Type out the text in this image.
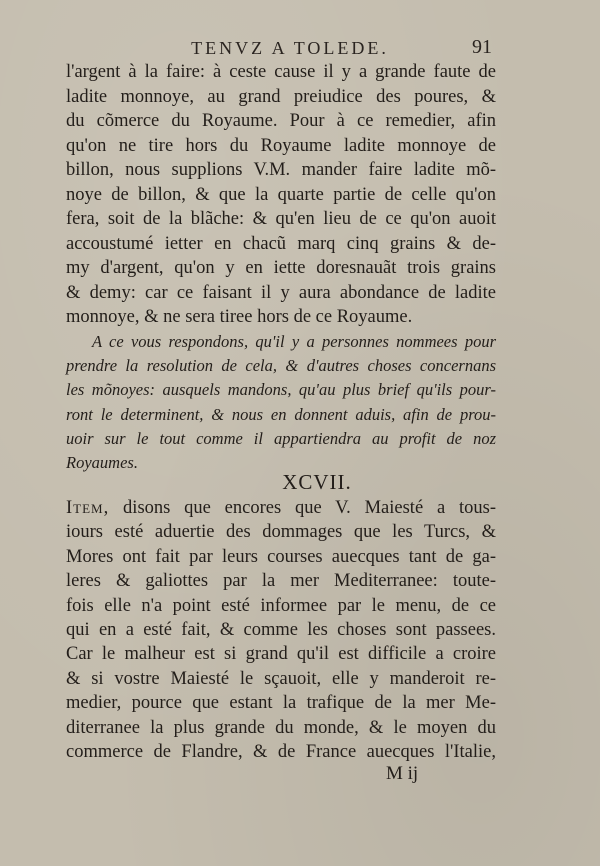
TENVZ A TOLEDE.	91
l'argent à la faire: à ceste cause il y a grande faute de
ladite monnoye, au grand preiudice des poures, &
du cõmerce du Royaume. Pour à ce remedier, afin
qu'on ne tire hors du Royaume ladite monnoye de
billon, nous supplions V.M. mander faire ladite mõ-
noye de billon, & que la quarte partie de celle qu'on
fera, soit de la blãche: & qu'en lieu de ce qu'on auoit
accoustumé ietter en chacũ marq cinq grains & de-
my d'argent, qu'on y en iette doresnauãt trois grains
& demy: car ce faisant il y aura abondance de ladite
monnoye, & ne sera tiree hors de ce Royaume.
A ce vous respondons, qu'il y a personnes nommees pour
prendre la resolution de cela, & d'autres choses concernans
les mõnoyes: ausquels mandons, qu'au plus brief qu'ils pour-
ront le determinent, & nous en donnent aduis, afin de prou-
uoir sur le tout comme il appartiendra au profit de noz
Royaumes.
XCVII.
Item, disons que encores que V. Maiesté a tous-
iours esté aduertie des dommages que les Turcs, &
Mores ont fait par leurs courses auecques tant de ga-
leres & galiottes par la mer Mediterranee: toute-
fois elle n'a point esté informee par le menu, de ce
qui en a esté fait, & comme les choses sont passees.
Car le malheur est si grand qu'il est difficile a croire
& si vostre Maiesté le sçauoit, elle y manderoit re-
medier, pource que estant la trafique de la mer Me-
diterranee la plus grande du monde, & le moyen du
commerce de Flandre, & de France auecques l'Italie,
M ij
